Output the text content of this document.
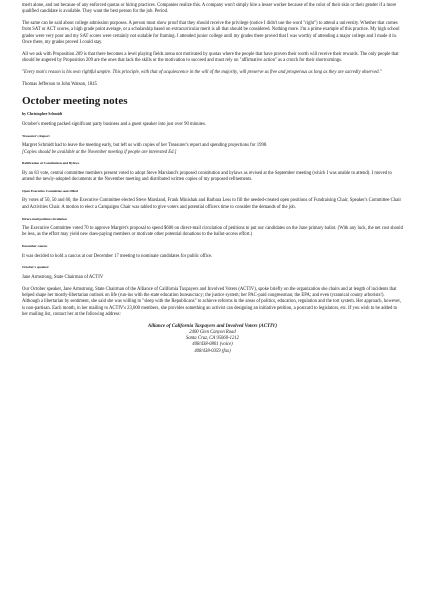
merit alone, and not because of any enforced quotas or hiring practices. Companies realize this. A company won't simply hire a lesser worker because of the color of their skin or their gender if a more qualified candidate is available. They want the best person for the job. Period.

The same can be said about college admission purposes. A person must show proof that they should receive the privilege (notice I didn't use the word "right") to attend a university. Whether that comes from SAT or ACT scores, a high grade point average, or a scholarship based on extracurricular merit is all that should be considered. Nothing more. I'm a prime example of this practice. My high school grades were very poor and my SAT scores were certainly not suitable for framing. I attended junior college until my grades there proved that I was worthy of attending a major college and I made it in. Once there, my grades proved I could stay.

All we ask with Proposition 209 is that there becomes a level playing fields arena not motivated by quotas where the people that have proven their worth will receive their rewards. The only people that should be angered by Proposition 209 are the ones that lack the skills or the motivation to succeed and must rely on "affirmative action" as a crutch for their shortcomings.

"Every man's reason is his own rightful umpire. This principle, with that of acquiescence in the will of the majority, will preserve us free and prosperous as long as they are sacredly observed."

Thomas Jefferson to John Watson, 1845

October meeting notes
by Christopher Schmidt

October's meeting packed significant party business and a guest speaker into just over 90 minutes.

Treasurer's Report

Margret Schmidt had to leave the meeting early, but left us with copies of her Treasurer's report and spending projections for 1998.
[Copies should be available at the November meeting if people are interested Ed.]

Ratification of Constitution and Bylaws

By an 83 vote, central committee members present voted to adopt Steve Marsland's proposed constitution and bylaws as revised at the September meeting (which I was unable to attend). I moved to amend the newly-adopted documents at the November meeting and distributed written copies of my proposed refinements.

Open Executive Committee seats filled

By votes of 50, 50 and 60, the Executive Committee elected Steve Marsland, Frank Minishak and Barbara Less to fill the needed-created open positions of Fundraising Chair, Speaker's Committee Chair and Activities Chair. A motion to elect a Campaigns Chair was tabled to give voters and potential officers time to consider the demands of the job.

Direct-mail petition circulation

The Executive Committee voted 70 to approve Margret's proposal to spend $600 on direct-mail circulation of petitions to put our candidates on the June primary ballot. (With any luck, the net cost should be less, as the effort may yield new dues-paying members or motivate other potential donations to the ballot-access effort.)

December caucus

It was decided to hold a caucus at our December 17 meeting to nominate candidates for public office.

October's speaker:

Jane Armstrong, State Chairman of ACTIV

Our October speaker, Jane Armstrong, State Chairman of the Alliance of California Taxpayers and Involved Voters (ACTIV), spoke briefly on the organization she chairs and at length of incidents that helped shape her mostly-libertarian outlook on life (run-ins with the state education bureaucracy; the justice system; her PAC-paid congressman; the EPA; and even tyrannical county arborists!). Although a libertarian by sentiment, she said she was willing to "sleep with the Republicans" to achieve reforms in the areas of politics, education, regulation and the tort system. Her approach, however, is non-partisan. Each month, in her mailing to ACTIV's 23,000 members, she provides something an activist can designing an initiative petition, a postcard to legislators, etc. If you wish to be added to her mailing list, contact her at the following address:

Alliance of California Taxpayers and Involved Voters (ACTIV)
2400 Glen Canyon Road
Santa Cruz, CA 95060-1212
408/438-0801 (voice)
408/438-0359 (fax)
